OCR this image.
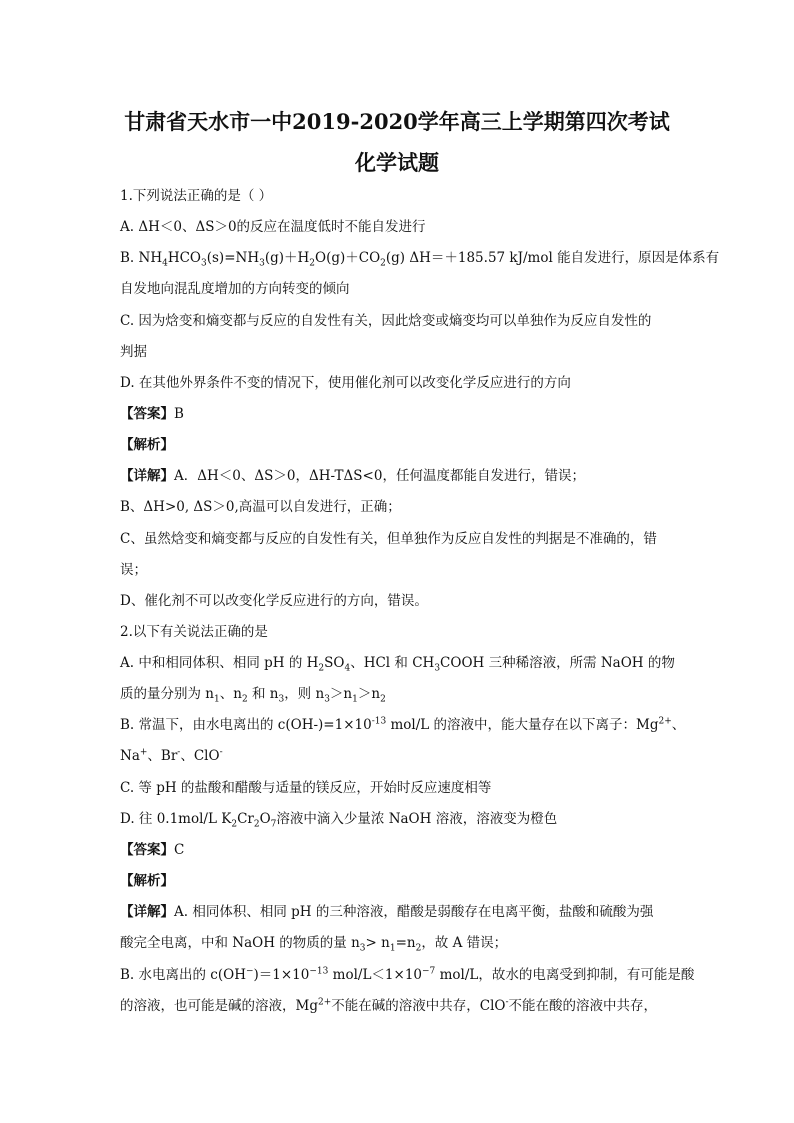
甘肃省天水市一中2019-2020学年高三上学期第四次考试
化学试题
1.下列说法正确的是（ ）
A. ΔH＜0、ΔS＞0的反应在温度低时不能自发进行
B. $NH_4HCO_3(s)=NH_3(g)+H_2O(g)+CO_2(g)$ ΔH＝＋185.57 kJ/mol 能自发进行，原因是体系有
自发地向混乱度增加的方向转变的倾向
C. 因为焓变和熵变都与反应的自发性有关，因此焓变或熵变均可以单独作为反应自发性的
判据
D. 在其他外界条件不变的情况下，使用催化剂可以改变化学反应进行的方向
【答案】B
【解析】
【详解】A．ΔH＜0、ΔS＞0，ΔH-TΔS<0，任何温度都能自发进行，错误；
B、ΔH>0, ΔS＞0,高温可以自发进行，正确；
C、虽然焓变和熵变都与反应的自发性有关，但单独作为反应自发性的判据是不准确的，错
误；
D、催化剂不可以改变化学反应进行的方向，错误。
2.以下有关说法正确的是
A. 中和相同体积、相同 pH 的 $H_2SO_4$、HCl 和 $CH_3COOH$ 三种稀溶液，所需 NaOH 的物
质的量分别为 $n_1$、$n_2$ 和 $n_3$，则 $n_3>n_1>n_2$
B. 常温下，由水电离出的 $c(OH-)=1\times 10^{-13}$ mol/L 的溶液中，能大量存在以下离子：$Mg^{2+}$、
Na+、Br-、ClO-
C. 等 pH 的盐酸和醋酸与适量的镁反应，开始时反应速度相等
D. 往 0.1mol/L $K_2Cr_2O_7$溶液中滴入少量浓 NaOH 溶液，溶液变为橙色
【答案】C
【解析】
【详解】A. 相同体积、相同 pH 的三种溶液，醋酸是弱酸存在电离平衡，盐酸和硫酸为强
酸完全电离，中和 NaOH 的物质的量 $n_3> n_1=n_2$，故 A 错误；
B. 水电离出的 $c(OH^-)=1\times 10^{-13}$ mol/$L<1\times 10^{-7}$ mol/L，故水的电离受到抑制，有可能是酸
的溶液，也可能是碱的溶液，$Mg^{2+}$不能在碱的溶液中共存，ClO-不能在酸的溶液中共存，
